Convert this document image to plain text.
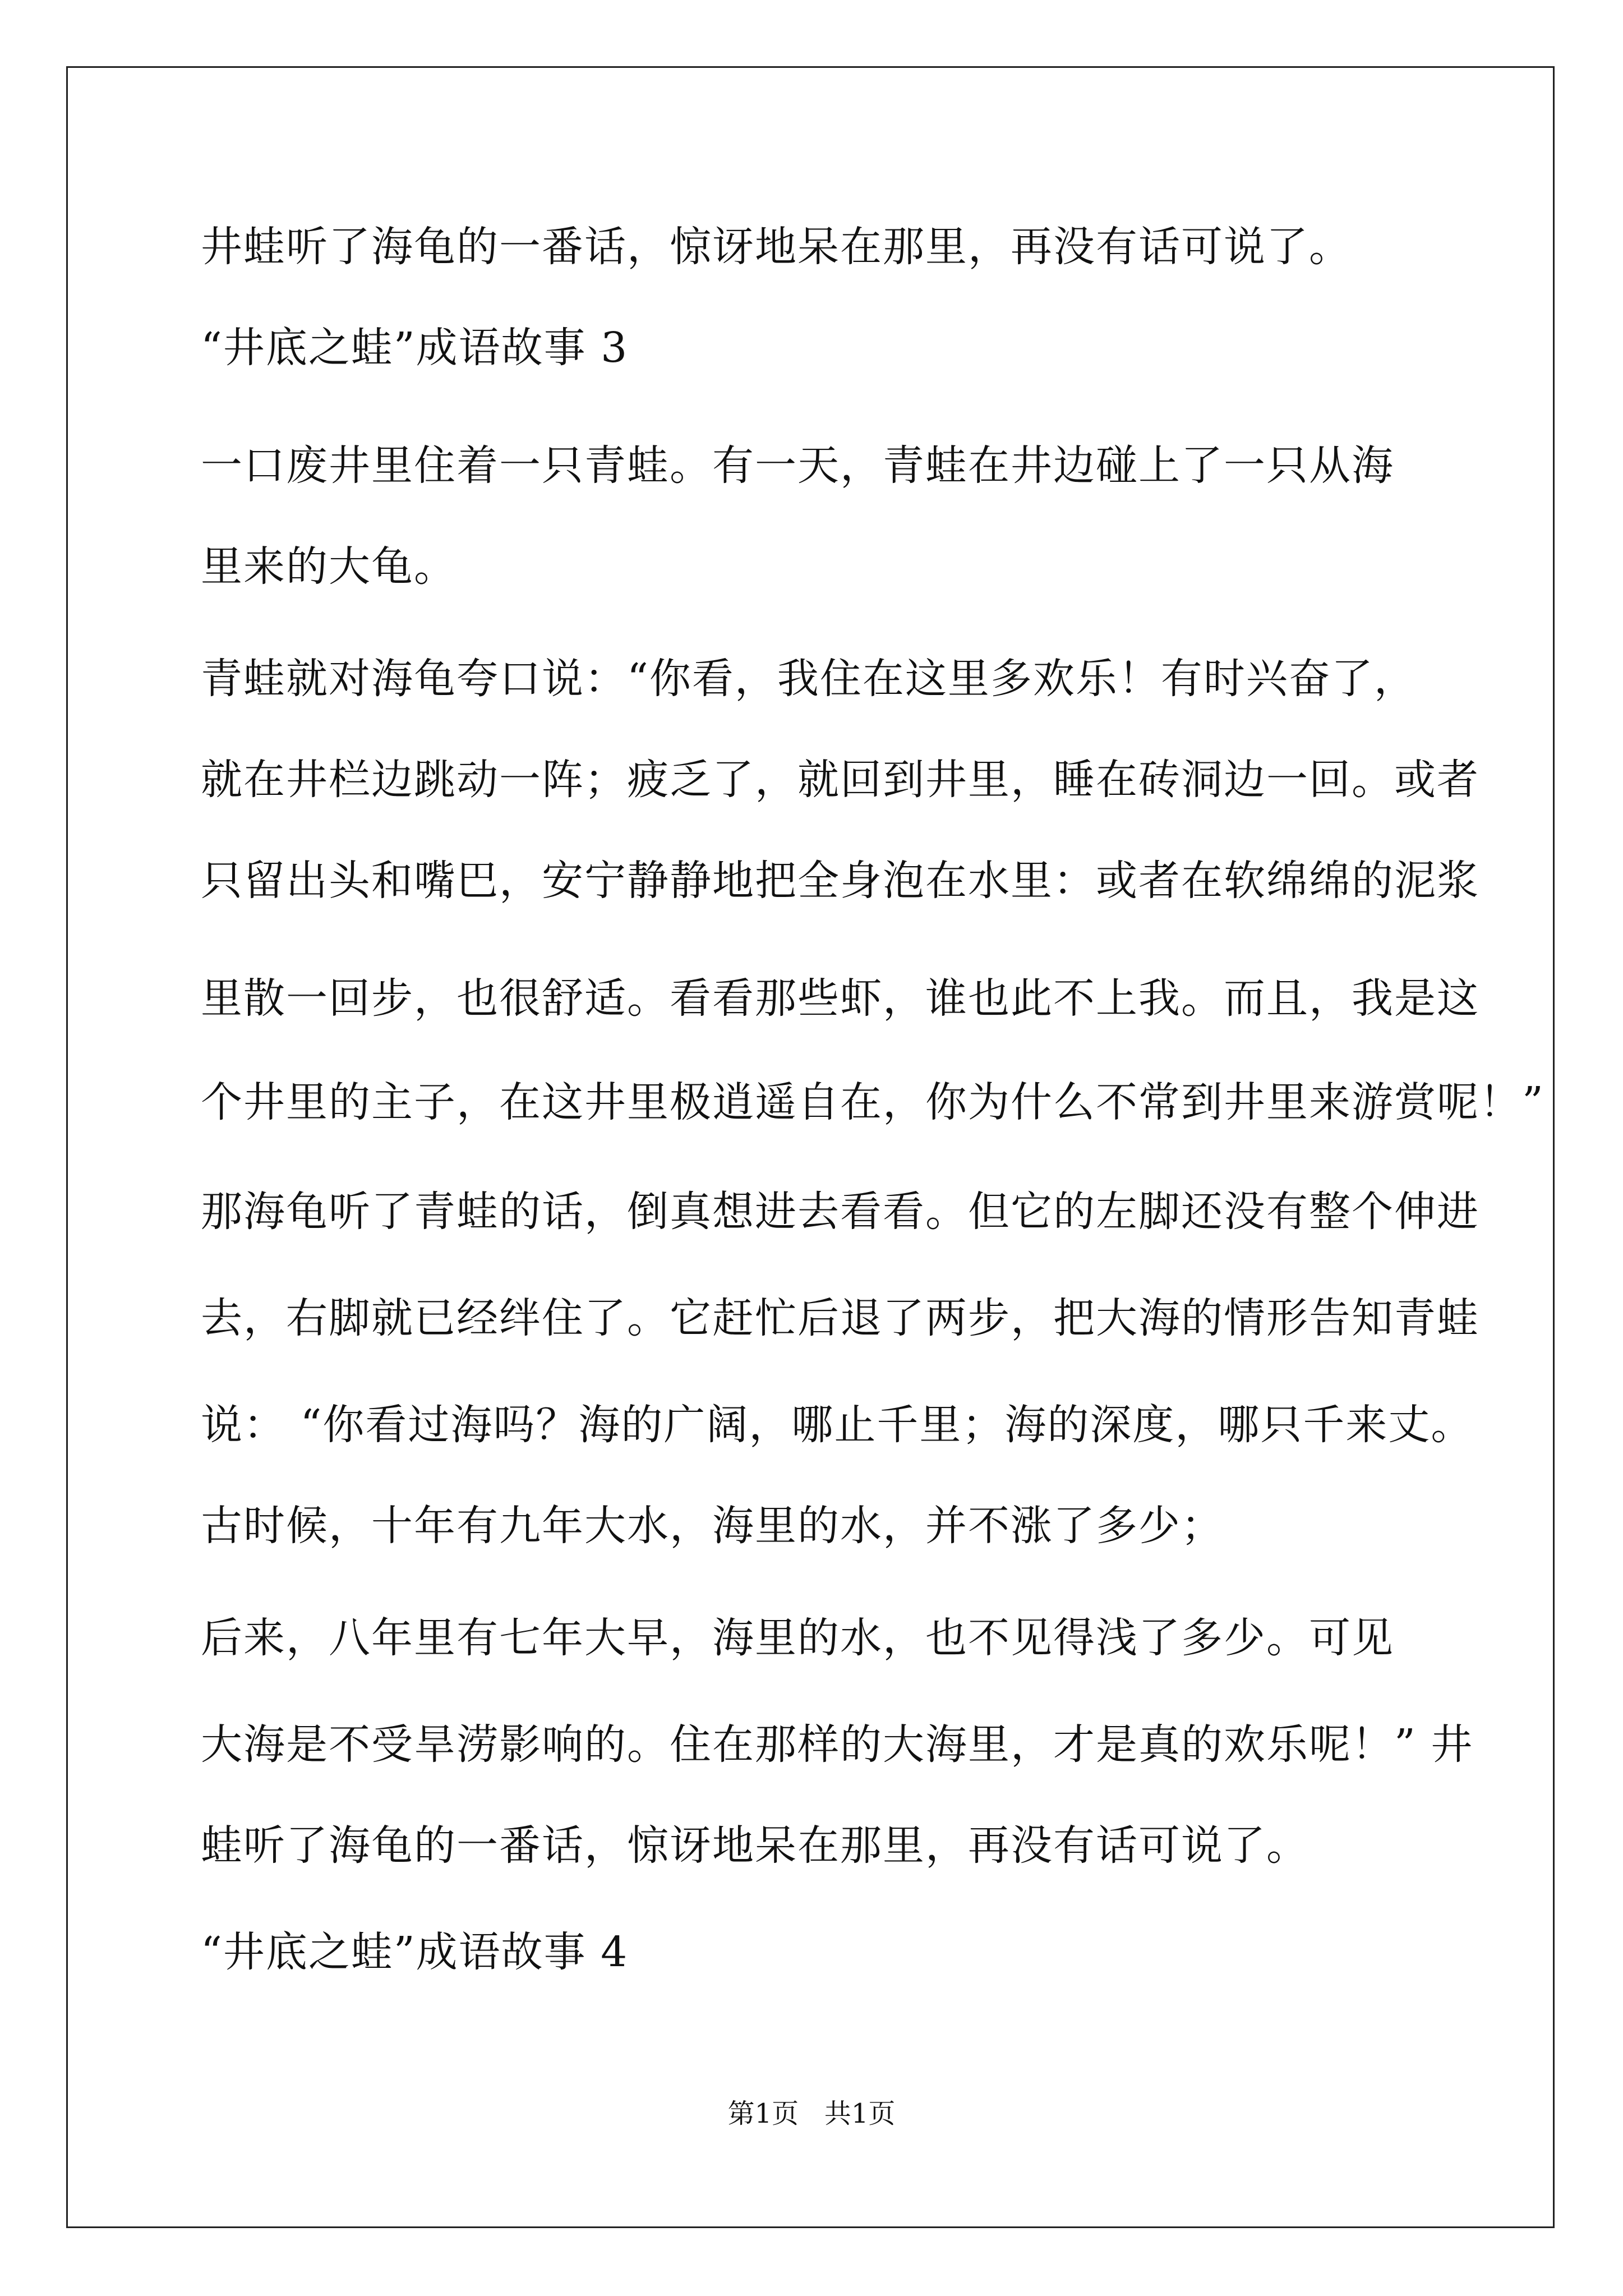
井蛙听了海龟的一番话，惊讶地呆在那里，再没有话可说了。
“井底之蛙”成语故事 3
一口废井里住着一只青蛙。有一天，青蛙在井边碰上了一只从海
里来的大龟。
青蛙就对海龟夸口说：“你看，我住在这里多欢乐！有时兴奋了，
就在井栏边跳动一阵；疲乏了，就回到井里，睡在砖洞边一回。或者
只留出头和嘴巴，安宁静静地把全身泡在水里：或者在软绵绵的泥浆
里散一回步，也很舒适。看看那些虾，谁也此不上我。而且，我是这
个井里的主子，在这井里极逍遥自在，你为什么不常到井里来游赏呢！”
那海龟听了青蛙的话，倒真想进去看看。但它的左脚还没有整个伸进
去，右脚就已经绊住了。它赶忙后退了两步，把大海的情形告知青蛙
说： “你看过海吗？海的广阔，哪止千里；海的深度，哪只千来丈。
古时候，十年有九年大水，海里的水，并不涨了多少；
后来，八年里有七年大早，海里的水，也不见得浅了多少。可见
大海是不受旱涝影响的。住在那样的大海里，才是真的欢乐呢！” 井
蛙听了海龟的一番话，惊讶地呆在那里，再没有话可说了。
“井底之蛙”成语故事 4
第1页   共1页
